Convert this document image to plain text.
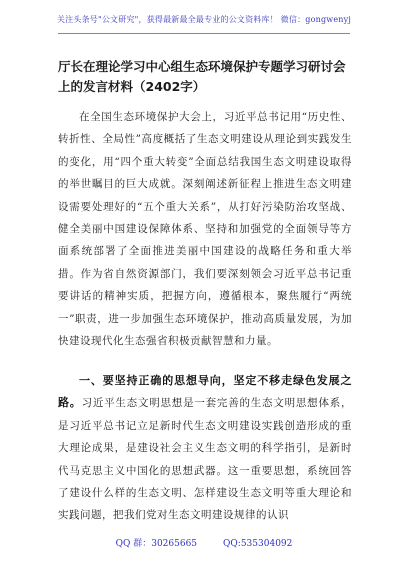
关注头条号"公文研究"，获得最新最全最专业的公文资料库！ 微信：gongwenyj
厅长在理论学习中心组生态环境保护专题学习研讨会上的发言材料（2402字）

在全国生态环境保护大会上，习近平总书记用“历史性、转折性、全局性”高度概括了生态文明建设从理论到实践发生的变化，用“四个重大转变”全面总结我国生态文明建设取得的举世瞩目的巨大成就。深刻阐述新征程上推进生态文明建设需要处理好的“五个重大关系”，从打好污染防治攻坚战、健全美丽中国建设保障体系、坚持和加强党的全面领导等方面系统部署了全面推进美丽中国建设的战略任务和重大举措。作为省自然资源部门，我们要深刻领会习近平总书记重要讲话的精神实质，把握方向，遵循根本，聚焦履行“两统一”职责，进一步加强生态环境保护，推动高质量发展，为加快建设现代化生态强省积极贡献智慧和力量。

一、要坚持正确的思想导向，坚定不移走绿色发展之路。习近平生态文明思想是一套完善的生态文明思想体系，是习近平总书记立足新时代生态文明建设实践创造形成的重大理论成果，是建设社会主义生态文明的科学指引，是新时代马克思主义中国化的思想武器。这一重要思想，系统回答了建设什么样的生态文明、怎样建设生态文明等重大理论和实践问题，把我们党对生态文明建设规律的认识

QQ 群：30265665	QQ:535304092
